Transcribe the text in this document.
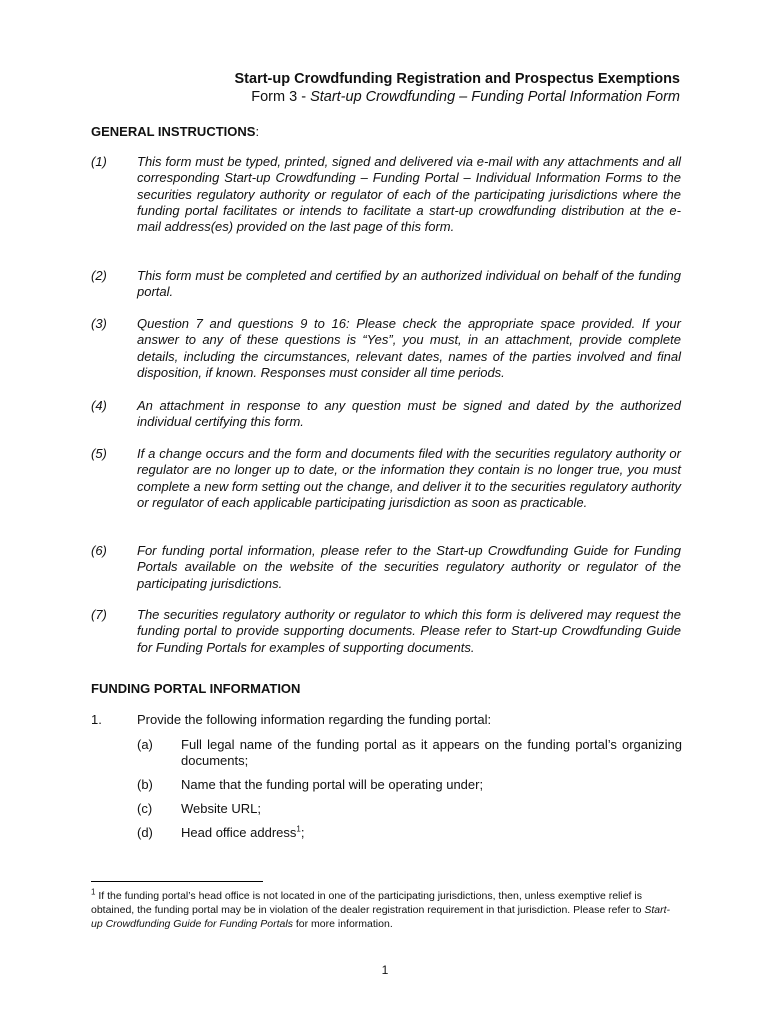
Start-up Crowdfunding Registration and Prospectus Exemptions
Form 3 - Start-up Crowdfunding – Funding Portal Information Form
GENERAL INSTRUCTIONS:
(1) This form must be typed, printed, signed and delivered via e-mail with any attachments and all corresponding Start-up Crowdfunding – Funding Portal – Individual Information Forms to the securities regulatory authority or regulator of each of the participating jurisdictions where the funding portal facilitates or intends to facilitate a start-up crowdfunding distribution at the e-mail address(es) provided on the last page of this form.
(2) This form must be completed and certified by an authorized individual on behalf of the funding portal.
(3) Question 7 and questions 9 to 16: Please check the appropriate space provided. If your answer to any of these questions is “Yes”, you must, in an attachment, provide complete details, including the circumstances, relevant dates, names of the parties involved and final disposition, if known. Responses must consider all time periods.
(4) An attachment in response to any question must be signed and dated by the authorized individual certifying this form.
(5) If a change occurs and the form and documents filed with the securities regulatory authority or regulator are no longer up to date, or the information they contain is no longer true, you must complete a new form setting out the change, and deliver it to the securities regulatory authority or regulator of each applicable participating jurisdiction as soon as practicable.
(6) For funding portal information, please refer to the Start-up Crowdfunding Guide for Funding Portals available on the website of the securities regulatory authority or regulator of the participating jurisdictions.
(7) The securities regulatory authority or regulator to which this form is delivered may request the funding portal to provide supporting documents. Please refer to Start-up Crowdfunding Guide for Funding Portals for examples of supporting documents.
FUNDING PORTAL INFORMATION
1.	Provide the following information regarding the funding portal:
(a) Full legal name of the funding portal as it appears on the funding portal’s organizing documents;
(b) Name that the funding portal will be operating under;
(c) Website URL;
(d) Head office address$^1$;
$^1$ If the funding portal’s head office is not located in one of the participating jurisdictions, then, unless exemptive relief is obtained, the funding portal may be in violation of the dealer registration requirement in that jurisdiction. Please refer to Start-up Crowdfunding Guide for Funding Portals for more information.
1
